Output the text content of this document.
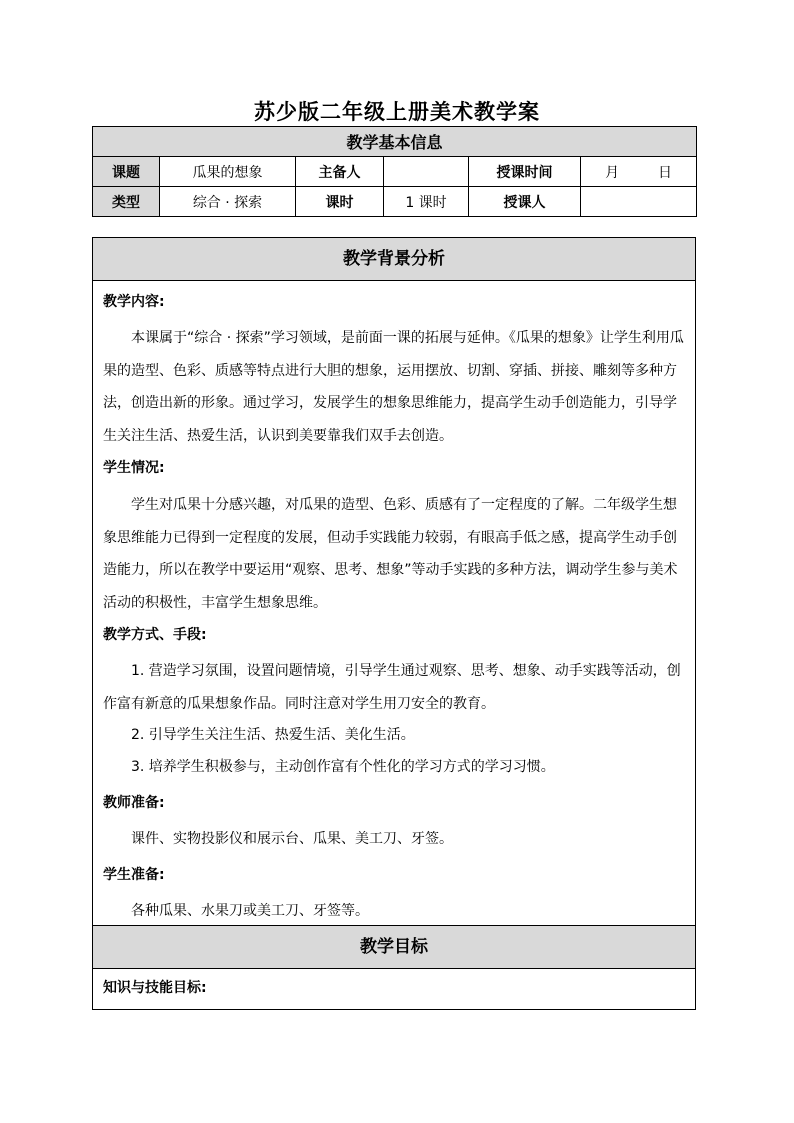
苏少版二年级上册美术教学案
教学基本信息					
课题	瓜果的想象	主备人		授课时间	月 日
类型	综合 · 探索	课时	1 课时	授课人	
教学背景分析

教学内容:

本课属于“综合 · 探索”学习领域，是前面一课的拓展与延伸。《瓜果的想象》让学生利用瓜果的造型、色彩、质感等特点进行大胆的想象，运用摆放、切割、穿插、拼接、雕刻等多种方法，创造出新的形象。通过学习，发展学生的想象思维能力，提高学生动手创造能力，引导学生关注生活、热爱生活，认识到美要靠我们双手去创造。

学生情况:

学生对瓜果十分感兴趣，对瓜果的造型、色彩、质感有了一定程度的了解。二年级学生想象思维能力已得到一定程度的发展，但动手实践能力较弱，有眼高手低之感，提高学生动手创造能力，所以在教学中要运用“观察、思考、想象”等动手实践的多种方法，调动学生参与美术活动的积极性，丰富学生想象思维。

教学方式、手段:

1. 营造学习氛围，设置问题情境，引导学生通过观察、思考、想象、动手实践等活动，创作富有新意的瓜果想象作品。同时注意对学生用刀安全的教育。

2. 引导学生关注生活、热爱生活、美化生活。

3. 培养学生积极参与，主动创作富有个性化的学习方式的学习习惯。

教师准备:

课件、实物投影仪和展示台、瓜果、美工刀、牙签。

学生准备:

各种瓜果、水果刀或美工刀、牙签等。

教学目标

知识与技能目标:
